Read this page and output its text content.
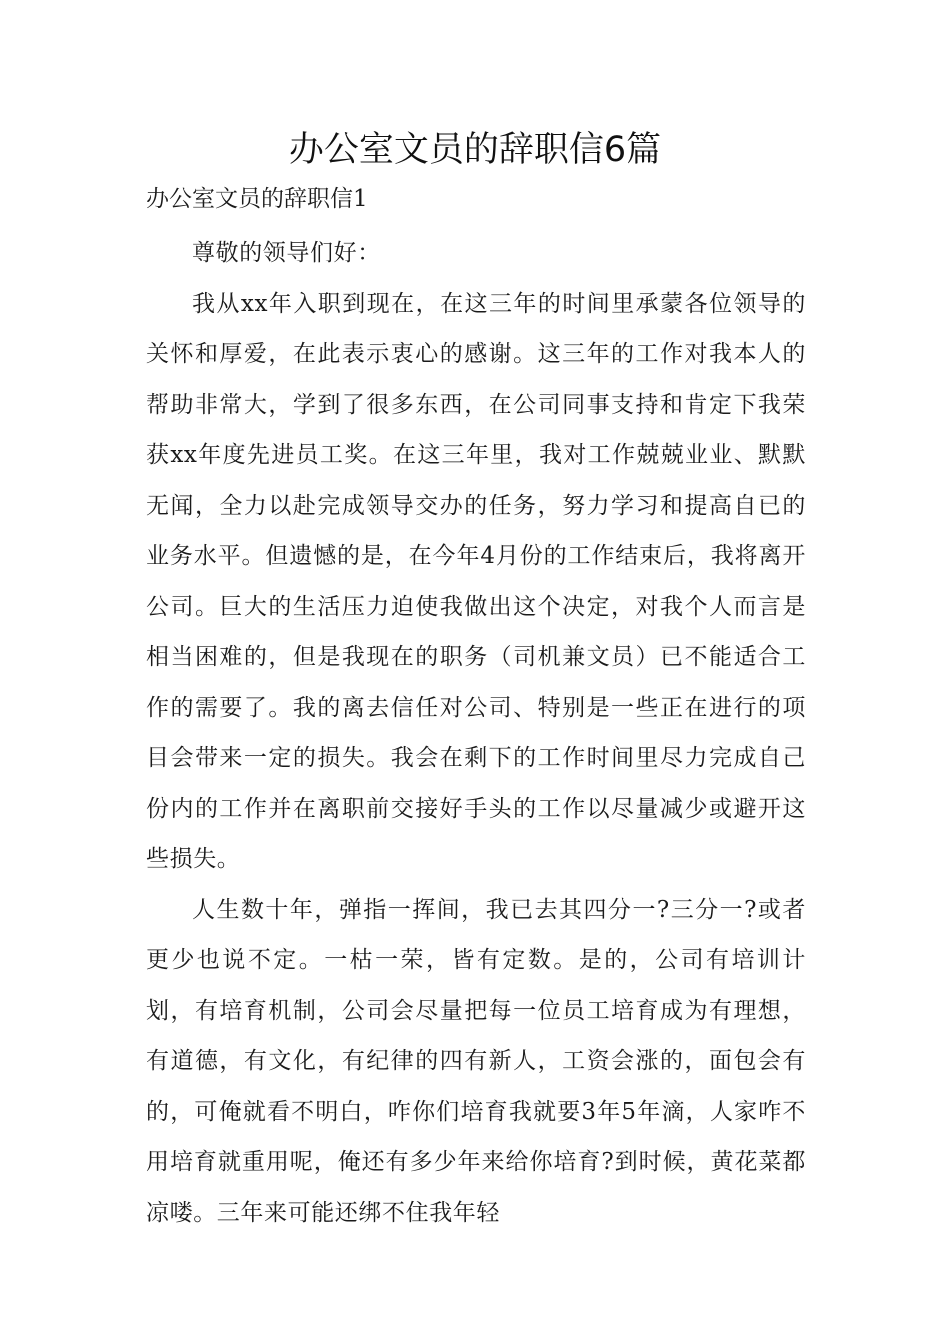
办公室文员的辞职信6篇
办公室文员的辞职信1

尊敬的领导们好：

我从xx年入职到现在，在这三年的时间里承蒙各位领导的关怀和厚爱，在此表示衷心的感谢。这三年的工作对我本人的帮助非常大，学到了很多东西，在公司同事支持和肯定下我荣获xx年度先进员工奖。在这三年里，我对工作兢兢业业、默默无闻，全力以赴完成领导交办的任务，努力学习和提高自已的业务水平。但遗憾的是，在今年4月份的工作结束后，我将离开公司。巨大的生活压力迫使我做出这个决定，对我个人而言是相当困难的，但是我现在的职务（司机兼文员）已不能适合工作的需要了。我的离去信任对公司、特别是一些正在进行的项目会带来一定的损失。我会在剩下的工作时间里尽力完成自己份内的工作并在离职前交接好手头的工作以尽量减少或避开这些损失。

人生数十年，弹指一挥间，我已去其四分一?三分一?或者更少也说不定。一枯一荣，皆有定数。是的，公司有培训计划，有培育机制，公司会尽量把每一位员工培育成为有理想，有道德，有文化，有纪律的四有新人，工资会涨的，面包会有的，可俺就看不明白，咋你们培育我就要3年5年滴，人家咋不用培育就重用呢，俺还有多少年来给你培育?到时候，黄花菜都凉喽。三年来可能还绑不住我年轻
